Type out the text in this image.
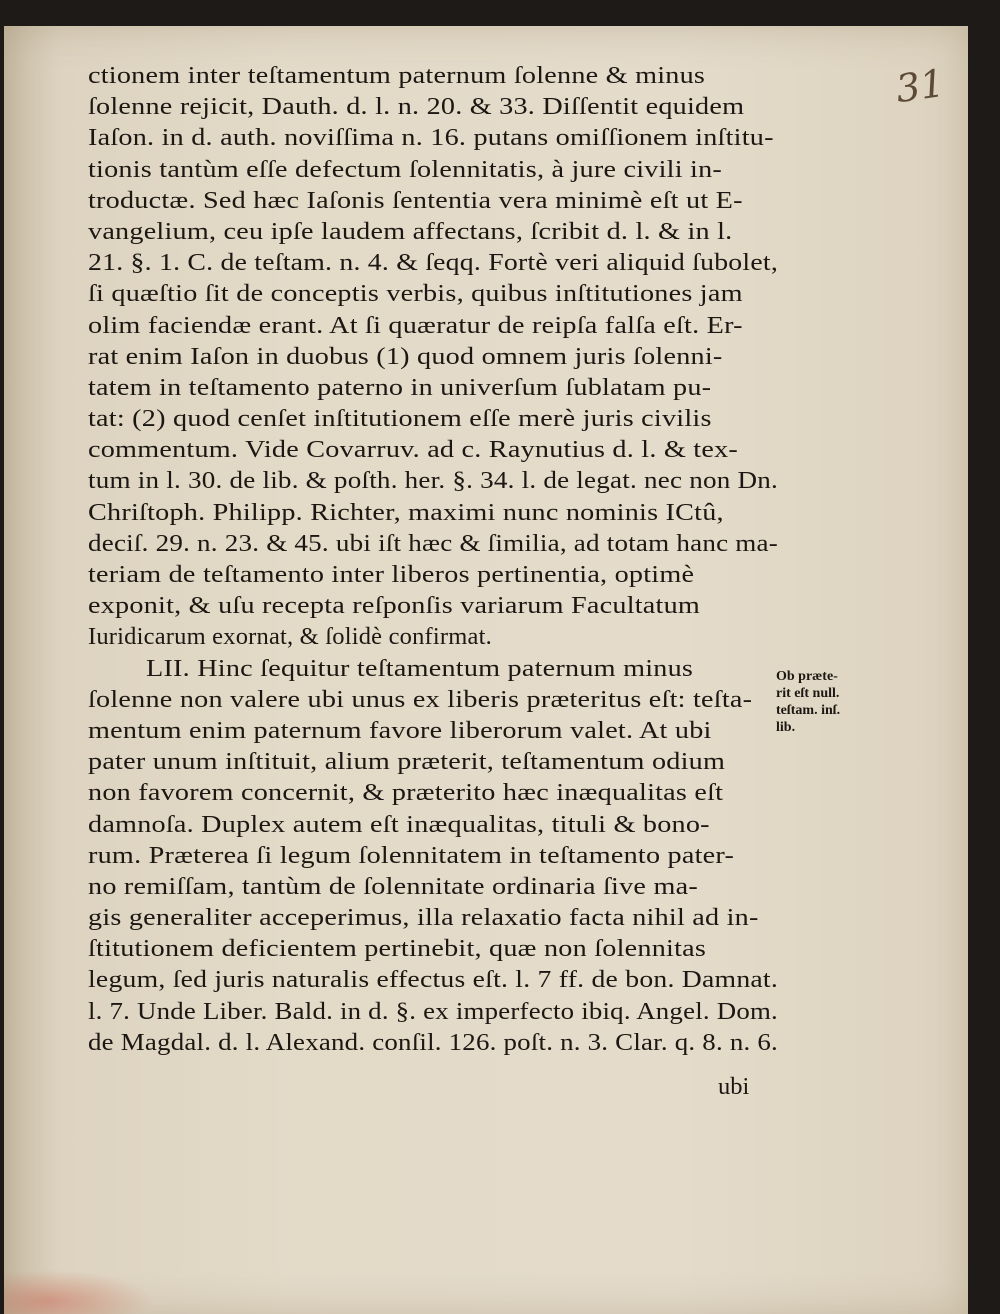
31
ctionem inter teſtamentum paternum ſolenne & minus
ſolenne rejicit, Dauth. d. l. n. 20. & 33. Diſſentit equidem
Iaſon. in d. auth. noviſſima n. 16. putans omiſſionem inſtitu-
tionis tantùm eſſe defectum ſolennitatis, à jure civili in-
troductæ. Sed hæc Iaſonis ſententia vera minimè eſt ut E-
vangelium, ceu ipſe laudem affectans, ſcribit d. l. & in l.
21. §. 1. C. de teſtam. n. 4. & ſeqq. Fortè veri aliquid ſubolet,
ſi quæſtio ſit de conceptis verbis, quibus inſtitutiones jam
olim faciendæ erant. At ſi quæratur de reipſa falſa eſt. Er-
rat enim Iaſon in duobus (1) quod omnem juris ſolenni-
tatem in teſtamento paterno in univerſum ſublatam pu-
tat: (2) quod cenſet inſtitutionem eſſe merè juris civilis
commentum. Vide Covarruv. ad c. Raynutius d. l. & tex-
tum in l. 30. de lib. & poſth. her. §. 34. l. de legat. nec non Dn.
Chriſtoph. Philipp. Richter, maximi nunc nominis ICtû,
deciſ. 29. n. 23. & 45. ubi iſt hæc & ſimilia, ad totam hanc ma-
teriam de teſtamento inter liberos pertinentia, optimè
exponit, & uſu recepta reſponſis variarum Facultatum
Iuridicarum exornat, & ſolidè confirmat.
LII. Hinc ſequitur teſtamentum paternum minus
ſolenne non valere ubi unus ex liberis præteritus eſt: teſta-
mentum enim paternum favore liberorum valet. At ubi
pater unum inſtituit, alium præterit, teſtamentum odium
non favorem concernit, & præterito hæc inæqualitas eſt
damnoſa. Duplex autem eſt inæqualitas, tituli & bono-
rum. Præterea ſi legum ſolennitatem in teſtamento pater-
no remiſſam, tantùm de ſolennitate ordinaria ſive ma-
gis generaliter acceperimus, illa relaxatio facta nihil ad in-
ſtitutionem deficientem pertinebit, quæ non ſolennitas
legum, ſed juris naturalis effectus eſt. l. 7 ff. de bon. Damnat.
l. 7. Unde Liber. Bald. in d. §. ex imperfecto ibiq. Angel. Dom.
de Magdal. d. l. Alexand. conſil. 126. poſt. n. 3. Clar. q. 8. n. 6.
ubi
Ob præte-
rit eſt null.
teſtam. inſ.
lib.
